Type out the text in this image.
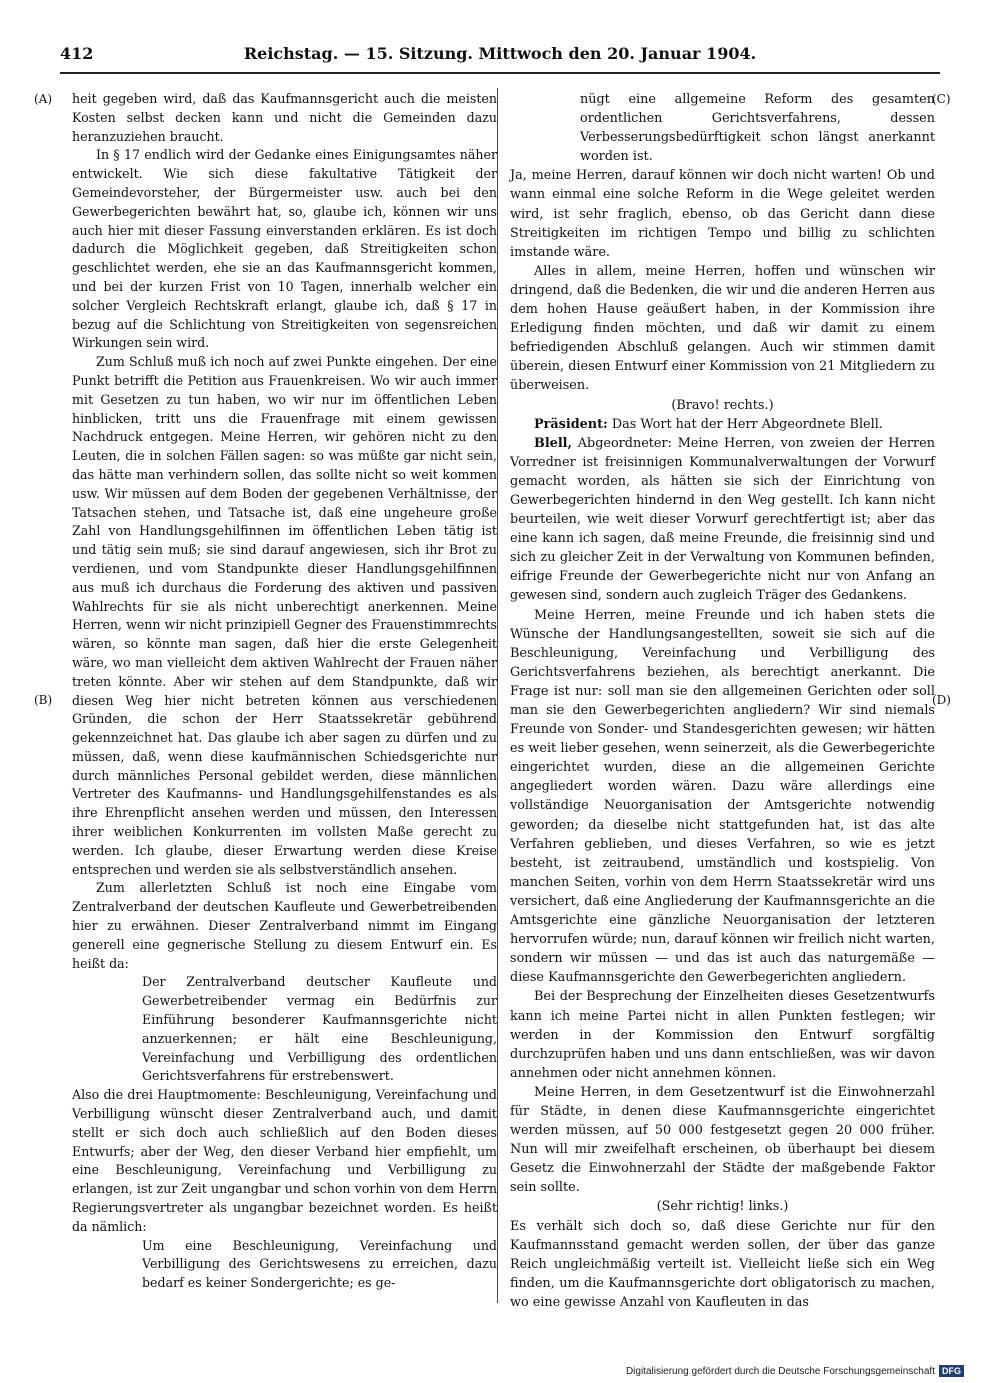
412	Reichstag. — 15. Sitzung. Mittwoch den 20. Januar 1904.
(A)
(B)
(C)
(D)

heit gegeben wird, daß das Kaufmannsgericht auch die meisten Kosten selbst decken kann und nicht die Gemeinden dazu heranzuziehen braucht.

In § 17 endlich wird der Gedanke eines Einigungsamtes näher entwickelt. Wie sich diese fakultative Tätigkeit der Gemeindevorsteher, der Bürgermeister usw. auch bei den Gewerbegerichten bewährt hat, so, glaube ich, können wir uns auch hier mit dieser Fassung einverstanden erklären. Es ist doch dadurch die Möglichkeit gegeben, daß Streitigkeiten schon geschlichtet werden, ehe sie an das Kaufmannsgericht kommen, und bei der kurzen Frist von 10 Tagen, innerhalb welcher ein solcher Vergleich Rechtskraft erlangt, glaube ich, daß § 17 in bezug auf die Schlichtung von Streitigkeiten von segensreichen Wirkungen sein wird.

Zum Schluß muß ich noch auf zwei Punkte eingehen. Der eine Punkt betrifft die Petition aus Frauenkreisen. Wo wir auch immer mit Gesetzen zu tun haben, wo wir nur im öffentlichen Leben hinblicken, tritt uns die Frauenfrage mit einem gewissen Nachdruck entgegen. Meine Herren, wir gehören nicht zu den Leuten, die in solchen Fällen sagen: so was müßte gar nicht sein, das hätte man verhindern sollen, das sollte nicht so weit kommen usw. Wir müssen auf dem Boden der gegebenen Verhältnisse, der Tatsachen stehen, und Tatsache ist, daß eine ungeheure große Zahl von Handlungsgehilfinnen im öffentlichen Leben tätig ist und tätig sein muß; sie sind darauf angewiesen, sich ihr Brot zu verdienen, und vom Standpunkte dieser Handlungsgehilfinnen aus muß ich durchaus die Forderung des aktiven und passiven Wahlrechts für sie als nicht unberechtigt anerkennen. Meine Herren, wenn wir nicht prinzipiell Gegner des Frauenstimmrechts wären, so könnte man sagen, daß hier die erste Gelegenheit wäre, wo man vielleicht dem aktiven Wahlrecht der Frauen näher treten könnte. Aber wir stehen auf dem Standpunkte, daß wir diesen Weg hier nicht betreten können aus verschiedenen Gründen, die schon der Herr Staatssekretär gebührend gekennzeichnet hat. Das glaube ich aber sagen zu dürfen und zu müssen, daß, wenn diese kaufmännischen Schiedsgerichte nur durch männliches Personal gebildet werden, diese männlichen Vertreter des Kaufmanns- und Handlungsgehilfenstandes es als ihre Ehrenpflicht ansehen werden und müssen, den Interessen ihrer weiblichen Konkurrenten im vollsten Maße gerecht zu werden. Ich glaube, dieser Erwartung werden diese Kreise entsprechen und werden sie als selbstverständlich ansehen.

Zum allerletzten Schluß ist noch eine Eingabe vom Zentralverband der deutschen Kaufleute und Gewerbetreibenden hier zu erwähnen. Dieser Zentralverband nimmt im Eingang generell eine gegnerische Stellung zu diesem Entwurf ein. Es heißt da:

Der Zentralverband deutscher Kaufleute und Gewerbetreibender vermag ein Bedürfnis zur Einführung besonderer Kaufmannsgerichte nicht anzuerkennen; er hält eine Beschleunigung, Vereinfachung und Verbilligung des ordentlichen Gerichtsverfahrens für erstrebenswert.

Also die drei Hauptmomente: Beschleunigung, Vereinfachung und Verbilligung wünscht dieser Zentralverband auch, und damit stellt er sich doch auch schließlich auf den Boden dieses Entwurfs; aber der Weg, den dieser Verband hier empfiehlt, um eine Beschleunigung, Vereinfachung und Verbilligung zu erlangen, ist zur Zeit ungangbar und schon vorhin von dem Herrn Regierungsvertreter als ungangbar bezeichnet worden. Es heißt da nämlich:

Um eine Beschleunigung, Vereinfachung und Verbilligung des Gerichtswesens zu erreichen, dazu bedarf es keiner Sondergerichte; es ge-

nügt eine allgemeine Reform des gesamten ordentlichen Gerichtsverfahrens, dessen Verbesserungsbedürftigkeit schon längst anerkannt worden ist.

Ja, meine Herren, darauf können wir doch nicht warten! Ob und wann einmal eine solche Reform in die Wege geleitet werden wird, ist sehr fraglich, ebenso, ob das Gericht dann diese Streitigkeiten im richtigen Tempo und billig zu schlichten imstande wäre.

Alles in allem, meine Herren, hoffen und wünschen wir dringend, daß die Bedenken, die wir und die anderen Herren aus dem hohen Hause geäußert haben, in der Kommission ihre Erledigung finden möchten, und daß wir damit zu einem befriedigenden Abschluß gelangen. Auch wir stimmen damit überein, diesen Entwurf einer Kommission von 21 Mitgliedern zu überweisen.

(Bravo! rechts.)

Präsident: Das Wort hat der Herr Abgeordnete Blell.

Blell, Abgeordneter: Meine Herren, von zweien der Herren Vorredner ist freisinnigen Kommunalverwaltungen der Vorwurf gemacht worden, als hätten sie sich der Einrichtung von Gewerbegerichten hindernd in den Weg gestellt. Ich kann nicht beurteilen, wie weit dieser Vorwurf gerechtfertigt ist; aber das eine kann ich sagen, daß meine Freunde, die freisinnig sind und sich zu gleicher Zeit in der Verwaltung von Kommunen befinden, eifrige Freunde der Gewerbegerichte nicht nur von Anfang an gewesen sind, sondern auch zugleich Träger des Gedankens.

Meine Herren, meine Freunde und ich haben stets die Wünsche der Handlungsangestellten, soweit sie sich auf die Beschleunigung, Vereinfachung und Verbilligung des Gerichtsverfahrens beziehen, als berechtigt anerkannt. Die Frage ist nur: soll man sie den allgemeinen Gerichten oder soll man sie den Gewerbegerichten angliedern? Wir sind niemals Freunde von Sonder- und Standesgerichten gewesen; wir hätten es weit lieber gesehen, wenn seinerzeit, als die Gewerbegerichte eingerichtet wurden, diese an die allgemeinen Gerichte angegliedert worden wären. Dazu wäre allerdings eine vollständige Neuorganisation der Amtsgerichte notwendig geworden; da dieselbe nicht stattgefunden hat, ist das alte Verfahren geblieben, und dieses Verfahren, so wie es jetzt besteht, ist zeitraubend, umständlich und kostspielig. Von manchen Seiten, vorhin von dem Herrn Staatssekretär wird uns versichert, daß eine Angliederung der Kaufmannsgerichte an die Amtsgerichte eine gänzliche Neuorganisation der letzteren hervorrufen würde; nun, darauf können wir freilich nicht warten, sondern wir müssen — und das ist auch das naturgemäße — diese Kaufmannsgerichte den Gewerbegerichten angliedern.

Bei der Besprechung der Einzelheiten dieses Gesetzentwurfs kann ich meine Partei nicht in allen Punkten festlegen; wir werden in der Kommission den Entwurf sorgfältig durchzuprüfen haben und uns dann entschließen, was wir davon annehmen oder nicht annehmen können.

Meine Herren, in dem Gesetzentwurf ist die Einwohnerzahl für Städte, in denen diese Kaufmannsgerichte eingerichtet werden müssen, auf 50 000 festgesetzt gegen 20 000 früher. Nun will mir zweifelhaft erscheinen, ob überhaupt bei diesem Gesetz die Einwohnerzahl der Städte der maßgebende Faktor sein sollte.

(Sehr richtig! links.)

Es verhält sich doch so, daß diese Gerichte nur für den Kaufmannsstand gemacht werden sollen, der über das ganze Reich ungleichmäßig verteilt ist. Vielleicht ließe sich ein Weg finden, um die Kaufmannsgerichte dort obligatorisch zu machen, wo eine gewisse Anzahl von Kaufleuten in das

Digitalisierung gefördert durch die Deutsche Forschungsgemeinschaft DFG
